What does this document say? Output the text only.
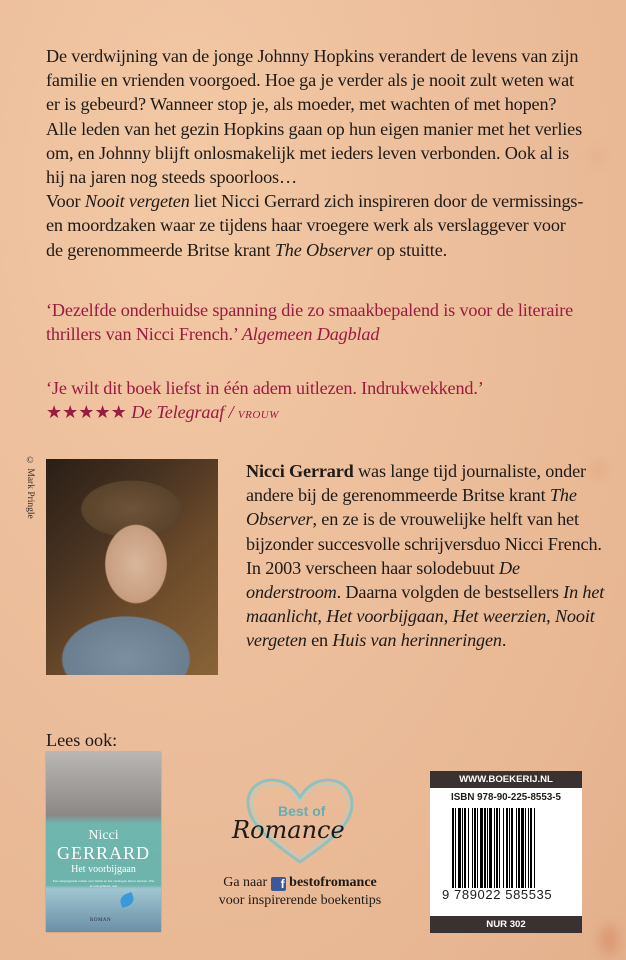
De verdwijning van de jonge Johnny Hopkins verandert de levens van zijn familie en vrienden voorgoed. Hoe ga je verder als je nooit zult weten wat er is gebeurd? Wanneer stop je, als moeder, met wachten of met hopen? Alle leden van het gezin Hopkins gaan op hun eigen manier met het verlies om, en Johnny blijft onlosmakelijk met ieders leven verbonden. Ook al is hij na jaren nog steeds spoorloos…

Voor Nooit vergeten liet Nicci Gerrard zich inspireren door de vermissings- en moordzaken waar ze tijdens haar vroegere werk als verslaggever voor de gerenommeerde Britse krant The Observer op stuitte.

‘Dezelfde onderhuidse spanning die zo smaakbepalend is voor de literaire thrillers van Nicci French.’ Algemeen Dagblad

‘Je wilt dit boek liefst in één adem uitlezen. Indrukwekkend.’

★★★★★ De Telegraaf / vrouw

© Mark Pringle	Nicci Gerrard was lange tijd journaliste, onder andere bij de gerenommeerde Britse krant The Observer, en ze is de vrouwelijke helft van het bijzonder succesvolle schrijversduo Nicci French. In 2003 verscheen haar solodebuut De onderstroom. Daarna volgden de bestsellers In het maanlicht, Het voorbijgaan, Het weerzien, Nooit vergeten en Huis van herinneringen.

Lees ook:
Nicci
GERRARD
Het voorbijgaan
Een aangrijpende roman over liefde en het vermogen lief te hebben. Wat er ook gebeurt, ooit
ROMAN
Best of
Romance
Ga naar f bestofromance
voor inspirerende boekentips
WWW.BOEKERIJ.NL
ISBN 978-90-225-8553-5
9 789022 585535
NUR 302
